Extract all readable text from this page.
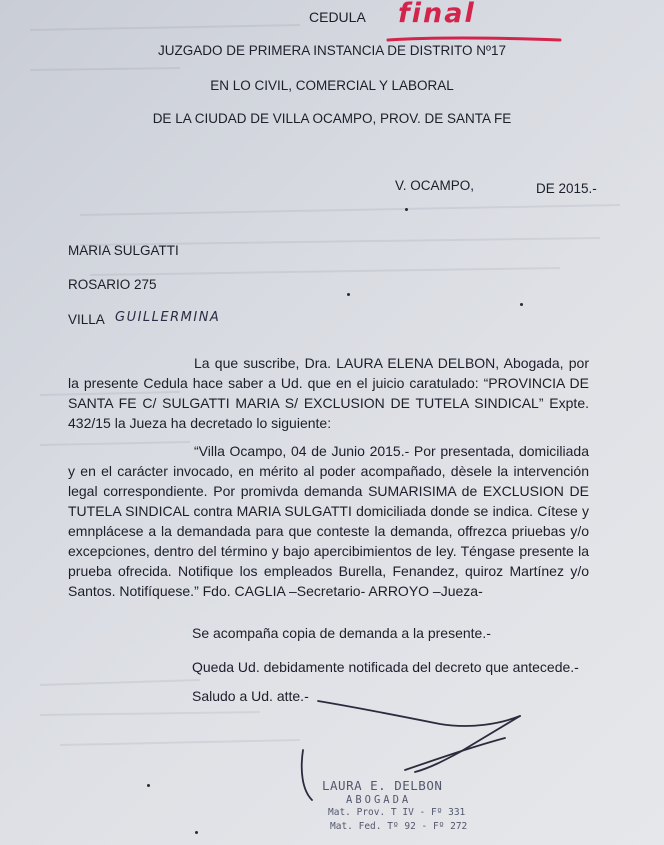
CEDULA final
JUZGADO DE PRIMERA INSTANCIA DE DISTRITO Nº17
EN LO CIVIL, COMERCIAL Y LABORAL
DE LA CIUDAD DE VILLA OCAMPO, PROV. DE SANTA FE
V. OCAMPO,	DE 2015.-
MARIA SULGATTI
ROSARIO 275
VILLA GUILLERMINA
La que suscribe, Dra. LAURA ELENA DELBON, Abogada, por la presente Cedula hace saber a Ud. que en el juicio caratulado: “PROVINCIA DE SANTA FE C/ SULGATTI MARIA S/ EXCLUSION DE TUTELA SINDICAL” Expte. 432/15 la Jueza ha decretado lo siguiente:
“Villa Ocampo, 04 de Junio 2015.- Por presentada, domiciliada y en el carácter invocado, en mérito al poder acompañado, dèsele la intervención legal correspondiente. Por promivda demanda SUMARISIMA de EXCLUSION DE TUTELA SINDICAL contra MARIA SULGATTI domiciliada donde se indica. Cítese y emnplácese a la demandada para que conteste la demanda, offrezca priuebas y/o excepciones, dentro del término y bajo apercibimientos de ley. Téngase presente la prueba ofrecida. Notifique los empleados Burella, Fenandez, quiroz Martínez y/o Santos. Notifíquese.” Fdo. CAGLIA –Secretario- ARROYO –Jueza-
Se acompaña copia de demanda a la presente.-
Queda Ud. debidamente notificada del decreto que antecede.-
Saludo a Ud. atte.-
LAURA E. DELBON
ABOGADA
Mat. Prov. T IV - Fº 331
Mat. Fed. Tº 92 - Fº 272
